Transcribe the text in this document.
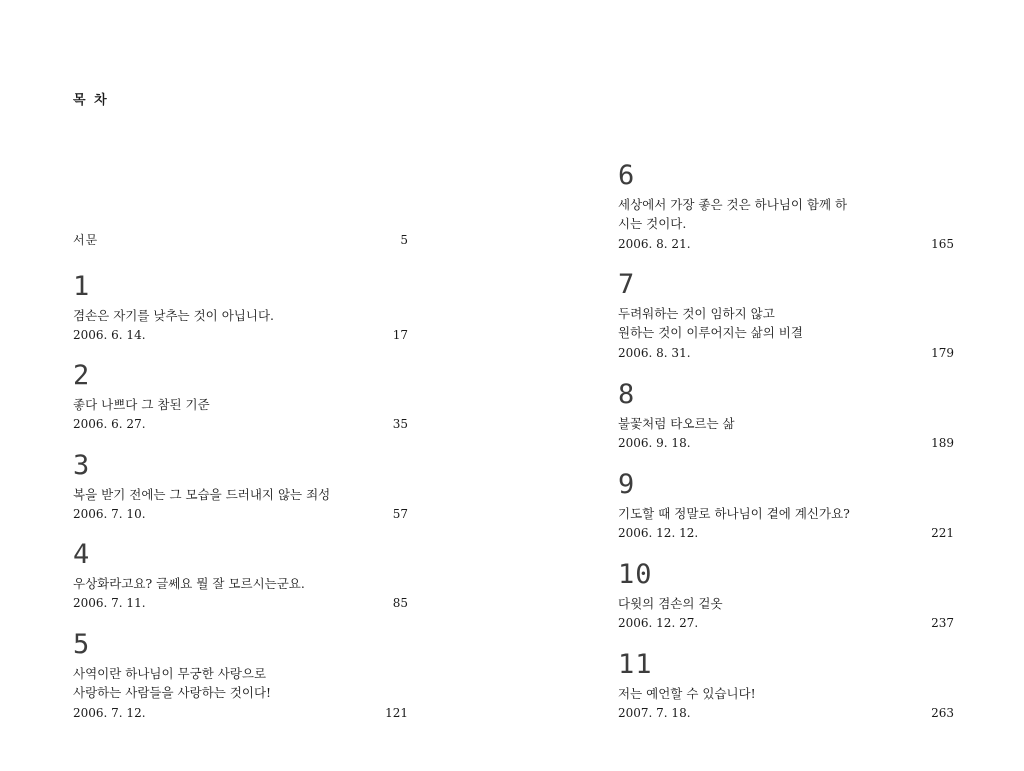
목 차
서문	5
1
겸손은 자기를 낮추는 것이 아닙니다.
2006. 6. 14.	17
2
좋다 나쁘다 그 참된 기준
2006. 6. 27.	35
3
복을 받기 전에는 그 모습을 드러내지 않는 죄성
2006. 7. 10.	57
4
우상화라고요? 글쎄요 뭘 잘 모르시는군요.
2006. 7. 11.	85
5
사역이란 하나님이 무궁한 사랑으로
사랑하는 사람들을 사랑하는 것이다!
2006. 7. 12.	121
6
세상에서 가장 좋은 것은 하나님이 함께 하
시는 것이다.
2006. 8. 21.	165
7
두려워하는 것이 임하지 않고
원하는 것이 이루어지는 삶의 비결
2006. 8. 31.	179
8
불꽃처럼 타오르는 삶
2006. 9. 18.	189
9
기도할 때 정말로 하나님이 곁에 계신가요?
2006. 12. 12.	221
10
다윗의 겸손의 겉옷
2006. 12. 27.	237
11
저는 예언할 수 있습니다!
2007. 7. 18.	263
